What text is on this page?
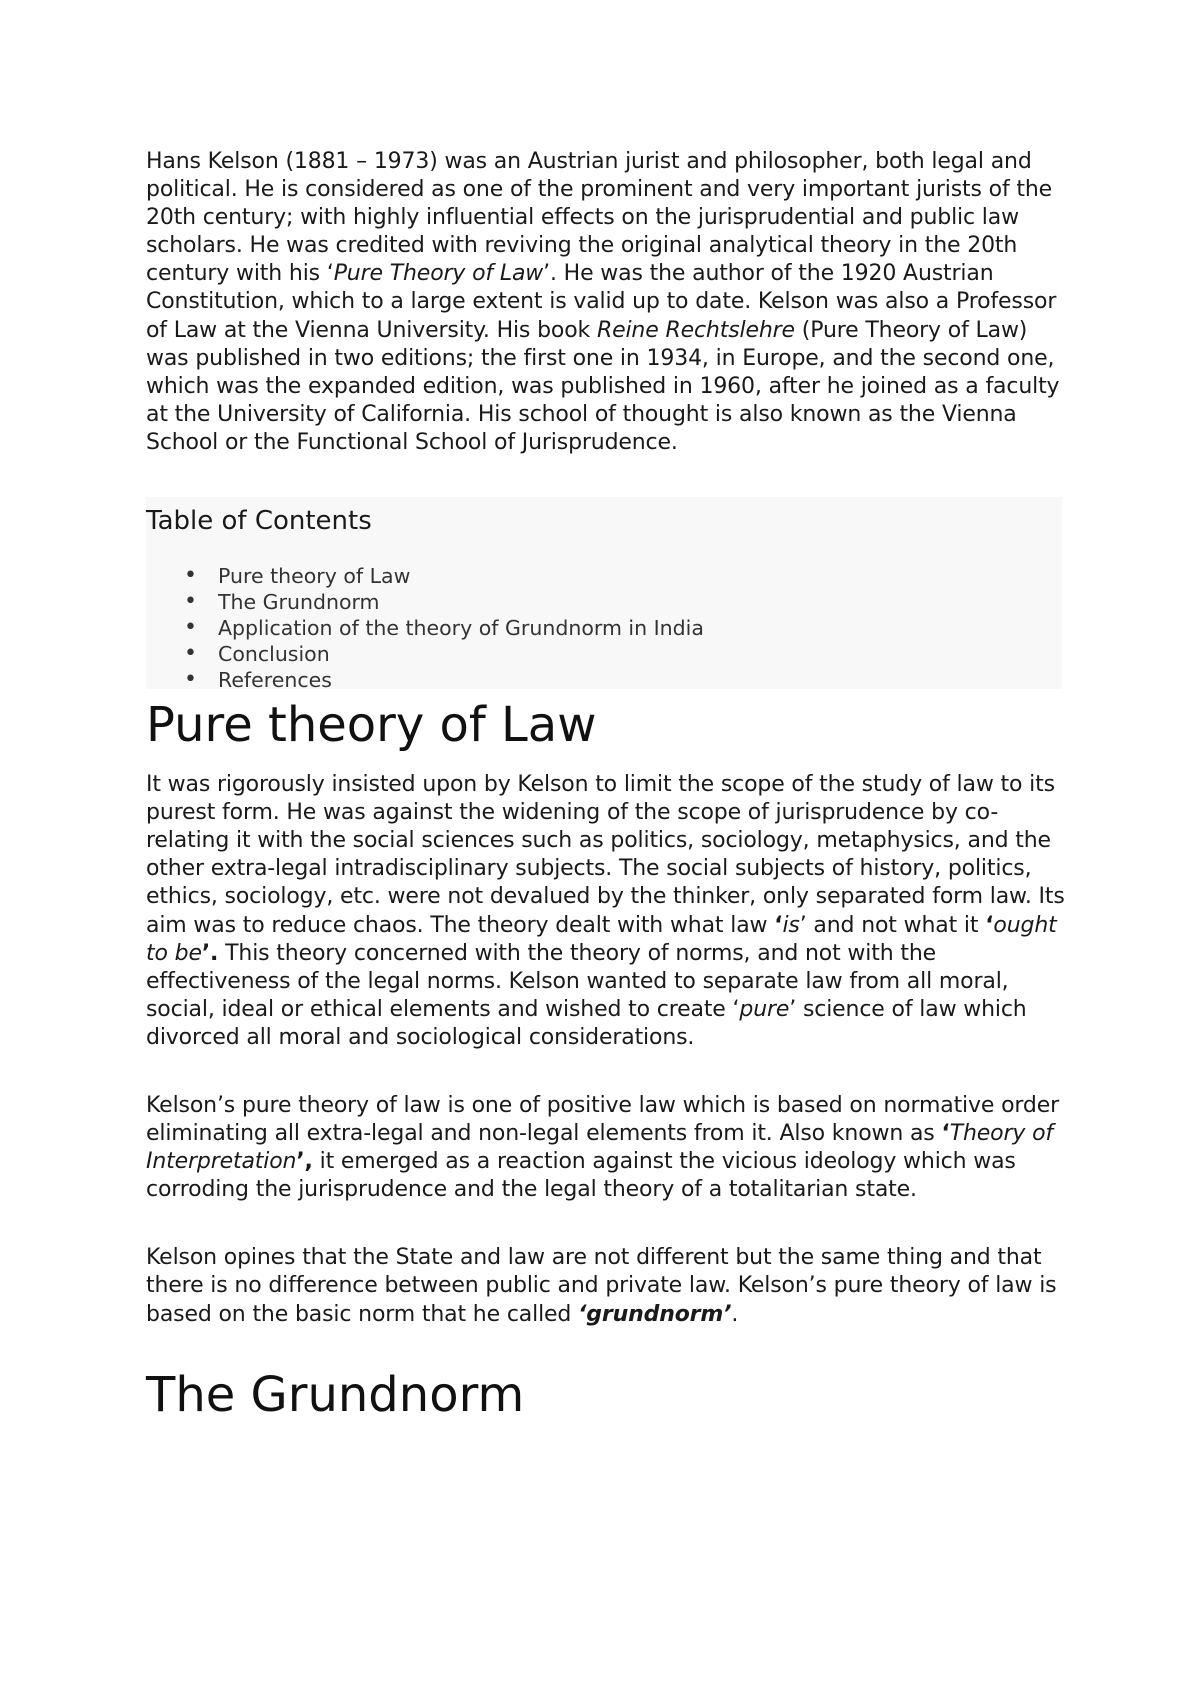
Hans Kelson (1881 – 1973) was an Austrian jurist and philosopher, both legal and political. He is considered as one of the prominent and very important jurists of the 20th century; with highly influential effects on the jurisprudential and public law scholars. He was credited with reviving the original analytical theory in the 20th century with his ‘Pure Theory of Law’. He was the author of the 1920 Austrian Constitution, which to a large extent is valid up to date. Kelson was also a Professor of Law at the Vienna University. His book Reine Rechtslehre (Pure Theory of Law) was published in two editions; the first one in 1934, in Europe, and the second one, which was the expanded edition, was published in 1960, after he joined as a faculty at the University of California. His school of thought is also known as the Vienna School or the Functional School of Jurisprudence.

Table of Contents
• Pure theory of Law
• The Grundnorm
• Application of the theory of Grundnorm in India
• Conclusion
• References
Pure theory of Law

It was rigorously insisted upon by Kelson to limit the scope of the study of law to its purest form. He was against the widening of the scope of jurisprudence by co-relating it with the social sciences such as politics, sociology, metaphysics, and the other extra-legal intradisciplinary subjects. The social subjects of history, politics, ethics, sociology, etc. were not devalued by the thinker, only separated form law. Its aim was to reduce chaos. The theory dealt with what law ‘is’ and not what it ‘ought to be’. This theory concerned with the theory of norms, and not with the effectiveness of the legal norms. Kelson wanted to separate law from all moral, social, ideal or ethical elements and wished to create ‘pure’ science of law which divorced all moral and sociological considerations.

Kelson’s pure theory of law is one of positive law which is based on normative order eliminating all extra-legal and non-legal elements from it. Also known as ‘Theory of Interpretation’, it emerged as a reaction against the vicious ideology which was corroding the jurisprudence and the legal theory of a totalitarian state.

Kelson opines that the State and law are not different but the same thing and that there is no difference between public and private law. Kelson’s pure theory of law is based on the basic norm that he called ‘grundnorm’.

The Grundnorm
